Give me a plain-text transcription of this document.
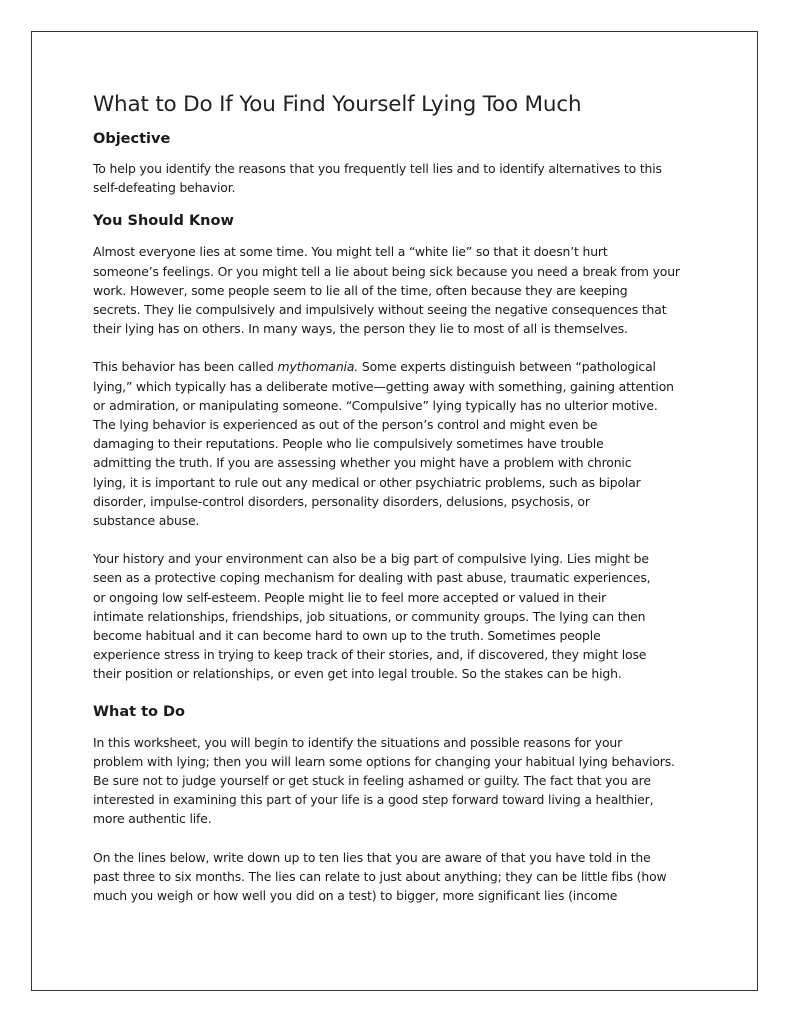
What to Do If You Find Yourself Lying Too Much
Objective

To help you identify the reasons that you frequently tell lies and to identify alternatives to this
self-defeating behavior.

You Should Know

Almost everyone lies at some time. You might tell a “white lie” so that it doesn’t hurt
someone’s feelings. Or you might tell a lie about being sick because you need a break from your
work. However, some people seem to lie all of the time, often because they are keeping
secrets. They lie compulsively and impulsively without seeing the negative consequences that
their lying has on others. In many ways, the person they lie to most of all is themselves.

This behavior has been called mythomania. Some experts distinguish between “pathological
lying,” which typically has a deliberate motive—getting away with something, gaining attention
or admiration, or manipulating someone. “Compulsive” lying typically has no ulterior motive.
The lying behavior is experienced as out of the person’s control and might even be
damaging to their reputations. People who lie compulsively sometimes have trouble
admitting the truth. If you are assessing whether you might have a problem with chronic
lying, it is important to rule out any medical or other psychiatric problems, such as bipolar
disorder, impulse-control disorders, personality disorders, delusions, psychosis, or
substance abuse.

Your history and your environment can also be a big part of compulsive lying. Lies might be
seen as a protective coping mechanism for dealing with past abuse, traumatic experiences,
or ongoing low self-esteem. People might lie to feel more accepted or valued in their
intimate relationships, friendships, job situations, or community groups. The lying can then
become habitual and it can become hard to own up to the truth. Sometimes people
experience stress in trying to keep track of their stories, and, if discovered, they might lose
their position or relationships, or even get into legal trouble. So the stakes can be high.

What to Do

In this worksheet, you will begin to identify the situations and possible reasons for your
problem with lying; then you will learn some options for changing your habitual lying behaviors.
Be sure not to judge yourself or get stuck in feeling ashamed or guilty. The fact that you are
interested in examining this part of your life is a good step forward toward living a healthier,
more authentic life.

On the lines below, write down up to ten lies that you are aware of that you have told in the
past three to six months. The lies can relate to just about anything; they can be little fibs (how
much you weigh or how well you did on a test) to bigger, more significant lies (income
